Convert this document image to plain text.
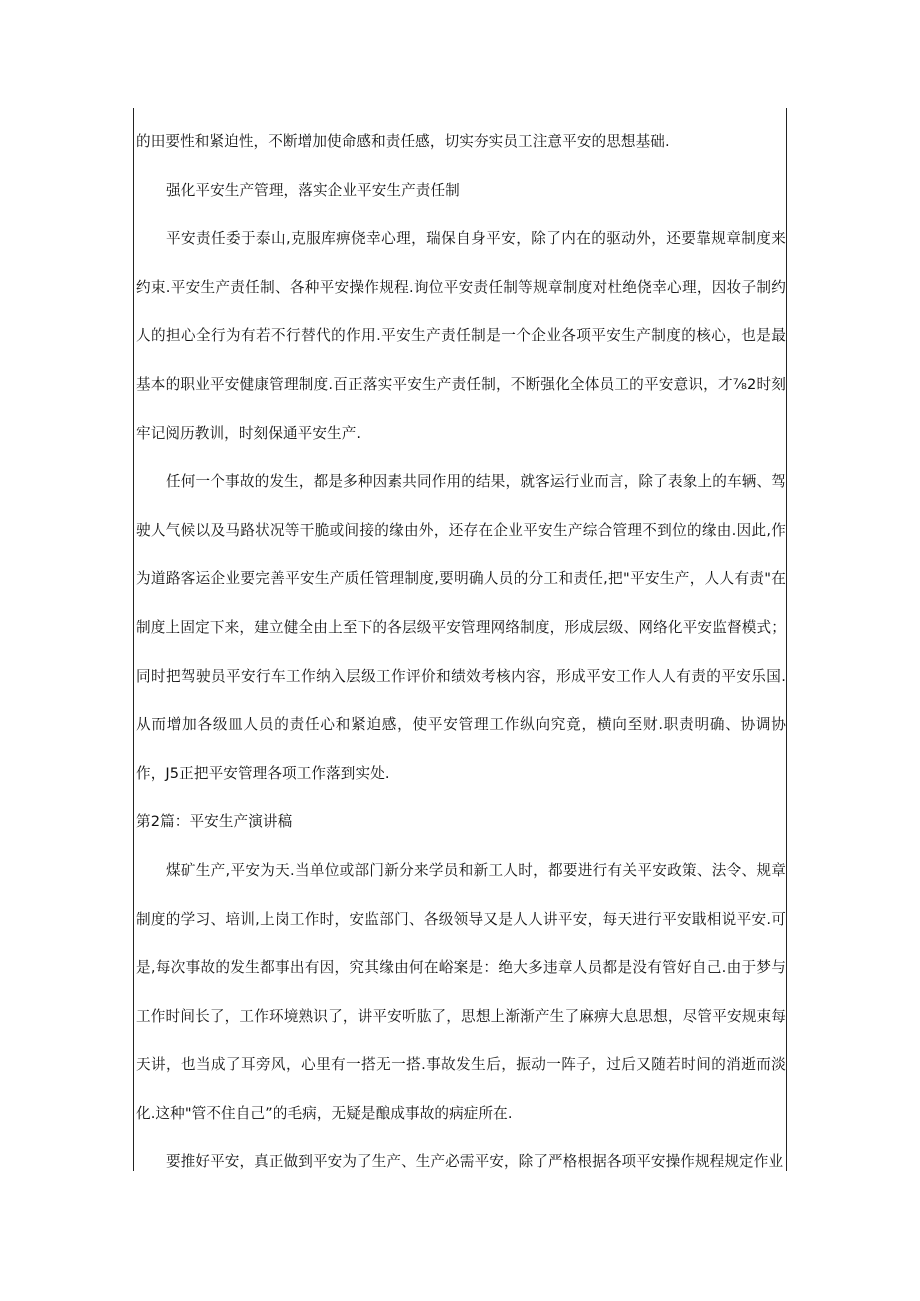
的田要性和紧迫性，不断增加使命感和责任感，切实夯实员工注意平安的思想基础.

强化平安生产管理，落实企业平安生产责任制

平安责任委于泰山,克服库痹侥幸心理，瑞保自身平安，除了内在的驱动外，还要靠规章制度来约束.平安生产责任制、各种平安操作规程.询位平安责任制等规章制度对杜绝侥幸心理，因妆子制约人的担心全行为有若不行替代的作用.平安生产责任制是一个企业各项平安生产制度的核心，也是最基本的职业平安健康管理制度.百正落实平安生产责任制，不断强化全体员工的平安意识，才⅞2时刻牢记阅历教训，时刻保通平安生产.

任何一个事故的发生，都是多种因素共同作用的结果，就客运行业而言，除了表象上的车辆、驾驶人气候以及马路状况等干脆或间接的缘由外，还存在企业平安生产综合管理不到位的缘由.因此,作为道路客运企业要完善平安生产质任管理制度,要明确人员的分工和责任,把"平安生产，人人有责"在制度上固定下来，建立健全由上至下的各层级平安管理网络制度，形成层级、网络化平安监督模式；同时把驾驶员平安行车工作纳入层级工作评价和绩效考核内容，形成平安工作人人有责的平安乐国.从而增加各级皿人员的责任心和紧迫感，使平安管理工作纵向究竟，横向至财.职责明确、协调协作，J5正把平安管理各项工作落到实处.

第2篇：平安生产演讲稿

煤矿生产,平安为天.当单位或部门新分来学员和新工人时，都要进行有关平安政策、法令、规章制度的学习、培训,上岗工作时，安监部门、各级领导又是人人讲平安，每天进行平安戢相说平安.可是,每次事故的发生都事出有因，究其缘由何在峪案是：绝大多违章人员都是没有管好自己.由于梦与工作时间长了，工作环境熟识了，讲平安听肱了，思想上渐渐产生了麻痹大息思想，尽管平安规束每天讲，也当成了耳旁风，心里有一搭无一搭.事故发生后，振动一阵子，过后又随若时间的消逝而淡化.这种"管不住自己”的毛病，无疑是酿成事故的病症所在.

要推好平安，真正做到平安为了生产、生产必需平安，除了严格根据各项平安操作规程规定作业
